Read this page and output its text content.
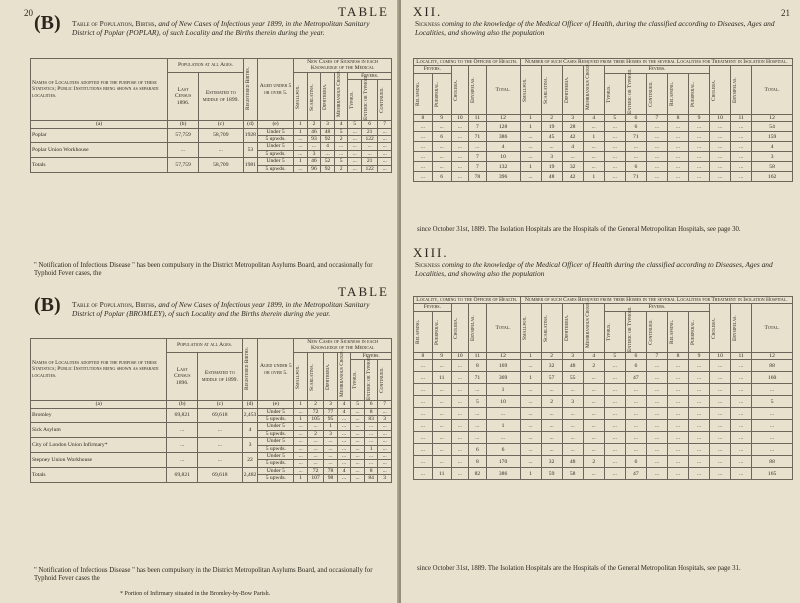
20	TABLE
(B) Table of Population, Births, and of New Cases of Infectious year 1899, in the Metropolitan Sanitary District of Poplar (POPLAR), of such Locality and the Births therein during the year.
Names of Localities adopted for the purpose of these Statistics; Public Institutions being shown as separate localities.	Population at all Ages.		Registered Births.	Aged under 5 or over 5.	New Cases of Sickness in each Knowledge of the Medical						
	Last Census 1896.	Estimated to middle of 1899.			Smallpox.	Scarlatina.	Diphtheria.	Membranous Croup.	Fevers.		

									Typhus.	Enteric or Typhoid.	Continued.

(a)	(b)	(c)	(d)	(e)	1	2	3	4	5	6	7
Poplar	57,759	58,709	1928	Under 5	1	46	48	5	...	21	...
				5 upwds.	...	93	92	2	...	122	...
Poplar Union Workhouse	...	...	53	Under 5	...	...	4	...	...	...	...
				5 upwds.	...	3	...	...	...	...	...
Totals	57,759	58,709	1981	Under 5	1	46	52	5	...	21	...
				5 upwds.	...	96	92	2	...	122	...
" Notification of Infectious Disease " has been compulsory in the District Metropolitan Asylums Board, and occasionally for Typhoid Fever cases, the
TABLE
(B) Table of Population, Births, and of New Cases of Infectious year 1899, in the Metropolitan Sanitary District of Poplar (BROMLEY), of such Locality and the Births therein during the year.
Names of Localities adopted for the purpose of these Statistics; Public Institutions being shown as separate localities.	Population at all Ages.		Registered Births.	Aged under 5 or over 5.	New Cases of Sickness in each Knowledge of the Medical						
	Last Census 1896.	Estimated to middle of 1899.			Smallpox.	Scarlatina.	Diphtheria.	Membranous Croup.	Fevers.		

									Typhus.	Enteric or Typhoid.	Continued.

(a)	(b)	(c)	(d)	(e)	1	2	3	4	5	6	7
Bromley	69,821	69,618	2,453	Under 5	...	72	77	4	...	8	...
				5 upwds.	1	105	95	...	...	83	3
Sick Asylum	...	...	4	Under 5	...	...	1	...	...	...	...
				5 upwds.	...	2	3	...	...	...	...
City of London Union Infirmary*	...	...	3	Under 5	...	...	...	...	...	...	...
				5 upwds.	...	...	...	...	...	1	...
Stepney Union Workhouse	...	...	22	Under 5	...	...	...	...	...	...	...
				5 upwds.	...	...	...	...	...	...	...
Totals	69,821	69,618	2,482	Under 5	...	72	78	4	...	8	...
				5 upwds.	1	107	98	...	...	84	3
" Notification of Infectious Disease " has been compulsory in the District Metropolitan Asylums Board, and occasionally for Typhoid Fever cases the
* Portion of Infirmary situated in the Bromley-by-Bow Parish.
XII.	21
Sickness coming to the knowledge of the Medical Officer of Health, during the classified according to Diseases, Ages and Localities, and showing also the population
Locality, coming to the Officer of Health.					Number of such Cases Removed from their Homes in the several Localities for Treatment in Isolation Hospital.											
Fevers.		Cholera.	Erysipelas.	Total.	Smallpox.	Scarlatina.	Diphtheria.	Membranous Croup.	Fevers.					Cholera.	Erysipelas.	Total.

Relapsing.	Puerperal.								Typhus.	Enteric or Typhoid.	Continued.	Relapsing.	Puerperal.			

8	9	10	11	12	1	2	3	4	5	6	7	8	9	10	11	12
...	...	...	7	128	1	19	28	...	...	6	...	...	...	...	...	54
...	6	...	71	386	...	45	42	1	...	71	...	...	...	...	...	159
...	...	...	...	4	...	...	4	...	...	...	...	...	...	...	...	4
...	...	...	7	10	...	3	...	...	...	...	...	...	...	...	...	3
...	...	...	7	132	1	19	32	...	...	6	...	...	...	...	...	58
...	6	...	78	396	...	48	42	1	...	71	...	...	...	...	...	162
since October 31st, 1889. The Isolation Hospitals are the Hospitals of the General Metropolitan Hospitals, see page 30.
XIII.
Sickness coming to the knowledge of the Medical Officer of Health during the classified according to Diseases, Ages and Localities, and showing also the population
Locality, coming to the Officer of Health.					Number of such Cases Removed from their Homes in the several Localities for Treatment in Isolation Hospital.											
Fevers.		Cholera.	Erysipelas.	Total.	Smallpox.	Scarlatina.	Diphtheria.	Membranous Croup.	Fevers.					Cholera.	Erysipelas.	Total.

Relapsing.	Puerperal.								Typhus.	Enteric or Typhoid.	Continued.	Relapsing.	Puerperal.			

8	9	10	11	12	1	2	3	4	5	6	7	8	9	10	11	12
...	...	...	8	169	...	32	48	2	...	6	...	...	...	...	...	88
...	11	...	71	369	1	57	55	...	...	47	...	...	...	...	...	160
...	...	...	...	1	...	...	...	...	...	...	...	...	...	...	...	...
...	...	...	5	10	...	2	3	...	...	...	...	...	...	...	...	5
...	...	...	...	...	...	...	...	...	...	...	...	...	...	...	...	...
...	...	...	...	1	...	...	...	...	...	...	...	...	...	...	...	...
...	...	...	...	...	...	...	...	...	...	...	...	...	...	...	...	...
...	...	...	6	6	...	...	...	...	...	...	...	...	...	...	...	...
...	...	...	8	170	...	32	48	2	...	6	...	...	...	...	...	88
...	11	...	82	386	1	59	58	...	...	47	...	...	...	...	...	165
since October 31st, 1889. The Isolation Hospitals are the Hospitals of the General Metropolitan Hospitals, see page 31.
